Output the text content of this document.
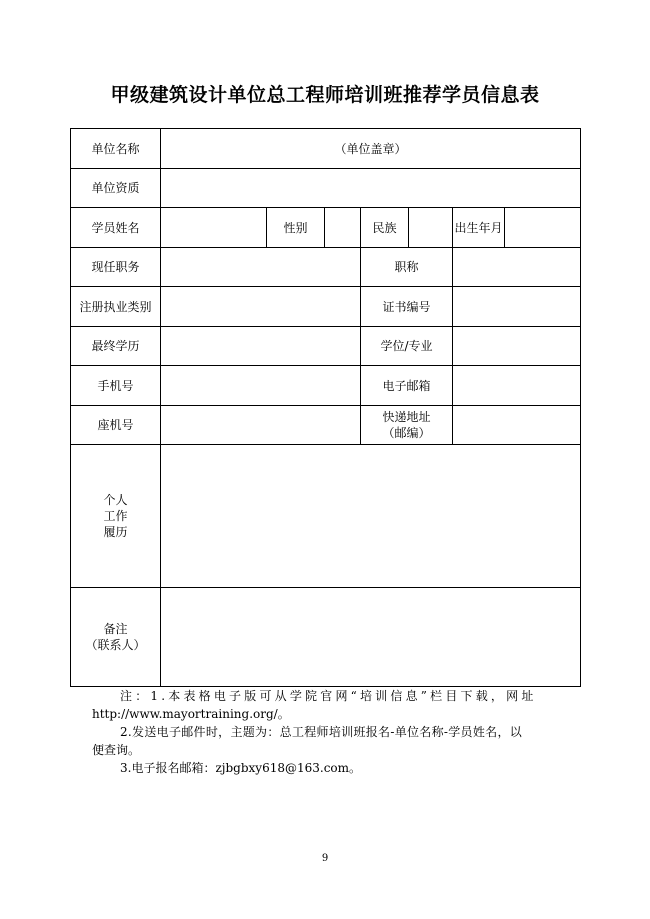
甲级建筑设计单位总工程师培训班推荐学员信息表
单位名称	（单位盖章）						
单位资质							
学员姓名		性别		民族		出生年月	
现任职务				职称			
注册执业类别				证书编号			
最终学历				学位/专业			
手机号				电子邮箱			
座机号				快递地址
（邮编）			
个人
工作
履历							
备注
（联系人）							

注：1.本表格电子版可从学院官网“培训信息”栏目下载，网址

http://www.mayortraining.org/。

2.发送电子邮件时，主题为：总工程师培训班报名-单位名称-学员姓名，以

便查询。

3.电子报名邮箱：zjbgbxy618@163.com。

9
